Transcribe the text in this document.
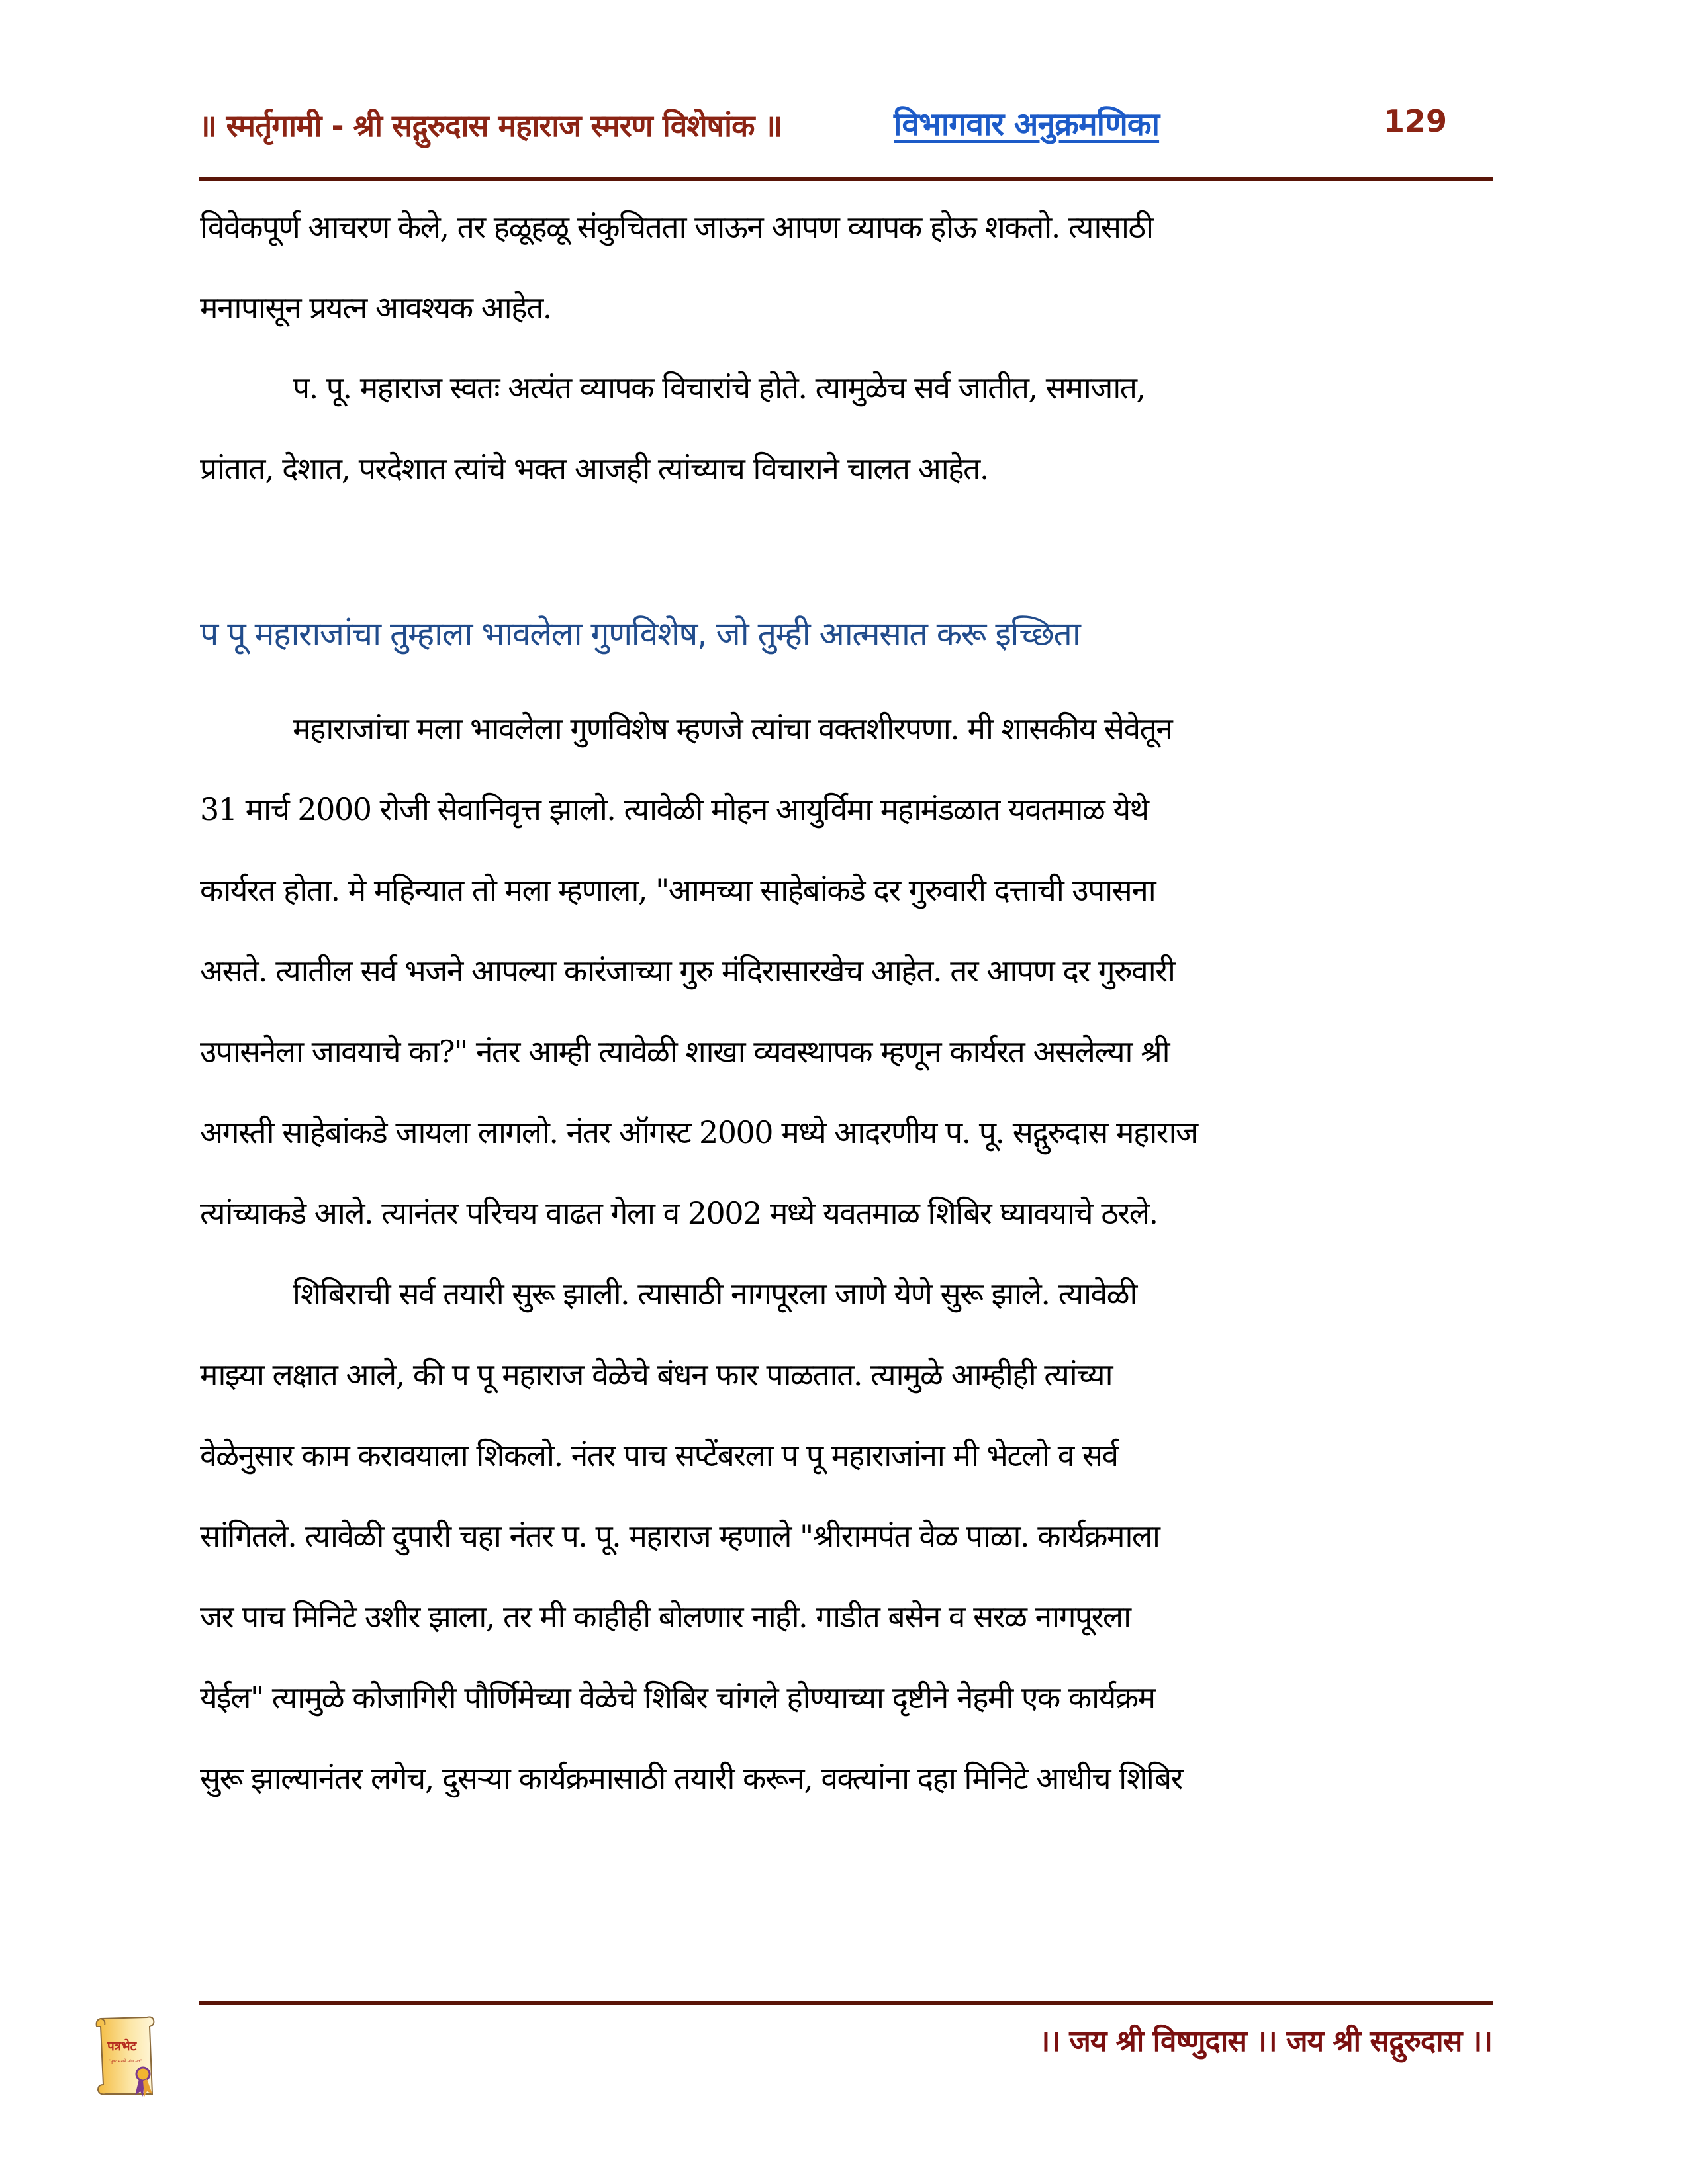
॥ स्मर्तृगामी - श्री सद्गुरुदास महाराज स्मरण विशेषांक ॥	विभागवार अनुक्रमणिका	129
विवेकपूर्ण आचरण केले, तर हळूहळू संकुचितता जाऊन आपण व्यापक होऊ शकतो. त्यासाठी
मनापासून प्रयत्न आवश्यक आहेत.
प. पू. महाराज स्वतः अत्यंत व्यापक विचारांचे होते. त्यामुळेच सर्व जातीत, समाजात,
प्रांतात, देशात, परदेशात त्यांचे भक्त आजही त्यांच्याच विचाराने चालत आहेत.
प पू महाराजांचा तुम्हाला भावलेला गुणविशेष, जो तुम्ही आत्मसात करू इच्छिता
महाराजांचा मला भावलेला गुणविशेष म्हणजे त्यांचा वक्तशीरपणा. मी शासकीय सेवेतून
31 मार्च 2000 रोजी सेवानिवृत्त झालो. त्यावेळी मोहन आयुर्विमा महामंडळात यवतमाळ येथे
कार्यरत होता. मे महिन्यात तो मला म्हणाला, "आमच्या साहेबांकडे दर गुरुवारी दत्ताची उपासना
असते. त्यातील सर्व भजने आपल्या कारंजाच्या गुरु मंदिरासारखेच आहेत. तर आपण दर गुरुवारी
उपासनेला जावयाचे का?" नंतर आम्ही त्यावेळी शाखा व्यवस्थापक म्हणून कार्यरत असलेल्या श्री
अगस्ती साहेबांकडे जायला लागलो. नंतर ऑगस्ट 2000 मध्ये आदरणीय प. पू. सद्गुरुदास महाराज
त्यांच्याकडे आले. त्यानंतर परिचय वाढत गेला व 2002 मध्ये यवतमाळ शिबिर घ्यावयाचे ठरले.
शिबिराची सर्व तयारी सुरू झाली. त्यासाठी नागपूरला जाणे येणे सुरू झाले. त्यावेळी
माझ्या लक्षात आले, की प पू महाराज वेळेचे बंधन फार पाळतात. त्यामुळे आम्हीही त्यांच्या
वेळेनुसार काम करावयाला शिकलो. नंतर पाच सप्टेंबरला प पू महाराजांना मी भेटलो व सर्व
सांगितले. त्यावेळी दुपारी चहा नंतर प. पू. महाराज म्हणाले "श्रीरामपंत वेळ पाळा. कार्यक्रमाला
जर पाच मिनिटे उशीर झाला, तर मी काहीही बोलणार नाही. गाडीत बसेन व सरळ नागपूरला
येईल" त्यामुळे कोजागिरी पौर्णिमेच्या वेळेचे शिबिर चांगले होण्याच्या दृष्टीने नेहमी एक कार्यक्रम
सुरू झाल्यानंतर लगेच, दुसऱ्या कार्यक्रमासाठी तयारी करून, वक्त्यांना दहा मिनिटे आधीच शिबिर
पत्रभेट
"मुक्त मनाने मांडा मत"
।। जय श्री विष्णुदास ।। जय श्री सद्गुरुदास ।।
